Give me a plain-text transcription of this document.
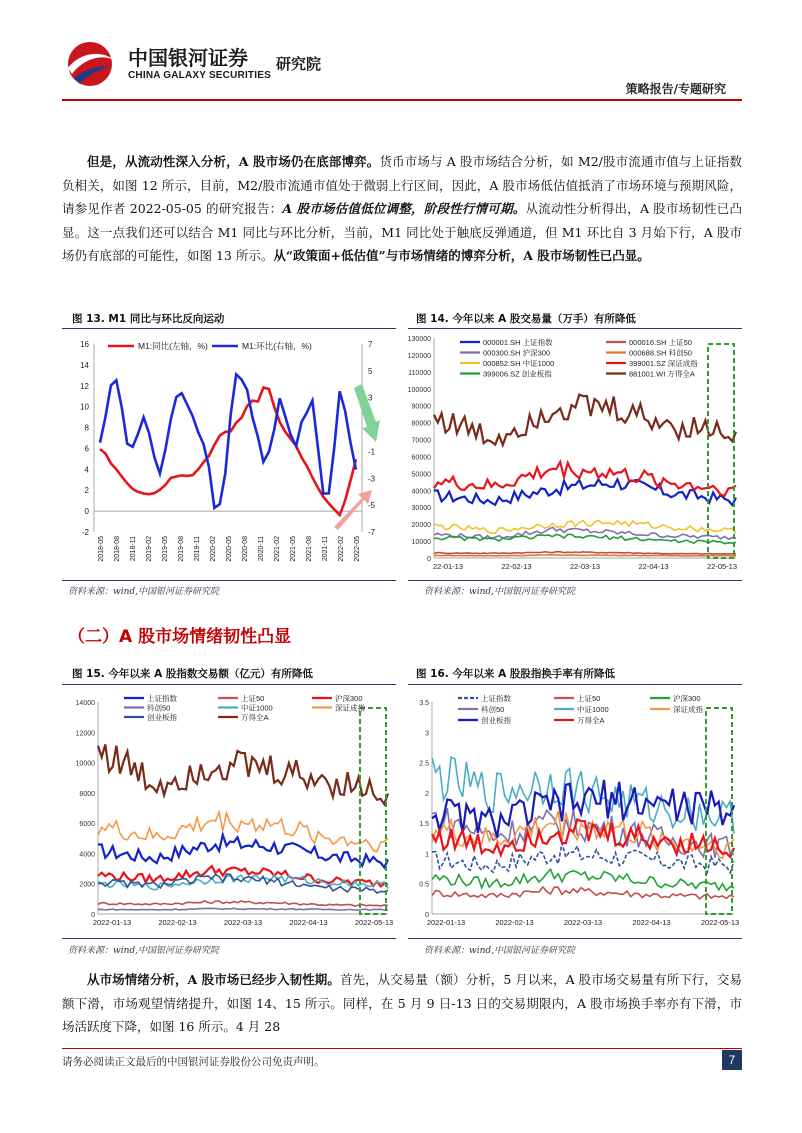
中国银河证券
CHINA GALAXY SECURITIES
研究院
策略报告/专题研究
但是，从流动性深入分析，A 股市场仍在底部博弈。货币市场与 A 股市场结合分析，如 M2/股市流通市值与上证指数负相关，如图 12 所示，目前，M2/股市流通市值处于微弱上行区间，因此，A 股市场低估值抵消了市场环境与预期风险，请参见作者 2022-05-05 的研究报告：A 股市场估值低位调整，阶段性行情可期。从流动性分析得出，A 股市场韧性已凸显。这一点我们还可以结合 M1 同比与环比分析，当前，M1 同比处于触底反弹通道，但 M1 环比自 3 月始下行，A 股市场仍有底部的可能性，如图 13 所示。从“政策面+低估值”与市场情绪的博弈分析，A 股市场韧性已凸显。
图 13. M1 同比与环比反向运动
-2
0
2
4
6
8
10
12
14
16
-7
-5
-3
-1
3
5
7
2018-05 2018-08 2018-11 2019-02 2019-05 2019-08 2019-11 2020-02 2020-05 2020-08 2020-11 2021-02 2021-05 2021-08 2021-11 2022-02 2022-05
M1:同比(左轴，%)	M1:环比(右轴，%)
资料来源：wind,中国银河证券研究院
图 14. 今年以来 A 股交易量（万手）有所降低
0
10000
20000
30000
40000
50000
60000
70000
80000
90000
100000
110000
120000
130000
22-01-13	22-02-13	22-03-13	22-04-13	22-05-13
000001.SH 上证指数	000016.SH 上证50
000300.SH 沪深300	000688.SH 科创50
000852.SH 中证1000	399001.SZ 深证成指
399006.SZ 创业板指	881001.WI 万得全A
资料来源：wind,中国银河证券研究院
（二）A 股市场情绪韧性凸显
图 15. 今年以来 A 股指数交易额（亿元）有所降低
0
2000
4000
6000
8000
10000
12000
14000
2022-01-13	2022-02-13	2022-03-13	2022-04-13	2022-05-13
上证指数	上证50	沪深300
科创50	中证1000	深证成指
创业板指	万得全A
资料来源：wind,中国银河证券研究院
图 16. 今年以来 A 股股指换手率有所降低
0
0.5
1
1.5
2
2.5
3
3.5
2022-01-13	2022-02-13	2022-03-13	2022-04-13	2022-05-13
上证指数	上证50	沪深300
科创50	中证1000	深证成指
创业板指	万得全A
资料来源：wind,中国银河证券研究院
从市场情绪分析，A 股市场已经步入韧性期。首先，从交易量（额）分析，5 月以来，A 股市场交易量有所下行，交易额下滑，市场观望情绪提升，如图 14、15 所示。同样，在 5 月 9 日-13 日的交易期限内，A 股市场换手率亦有下滑，市场活跃度下降，如图 16 所示。4 月 28
请务必阅读正文最后的中国银河证券股份公司免责声明。	7
